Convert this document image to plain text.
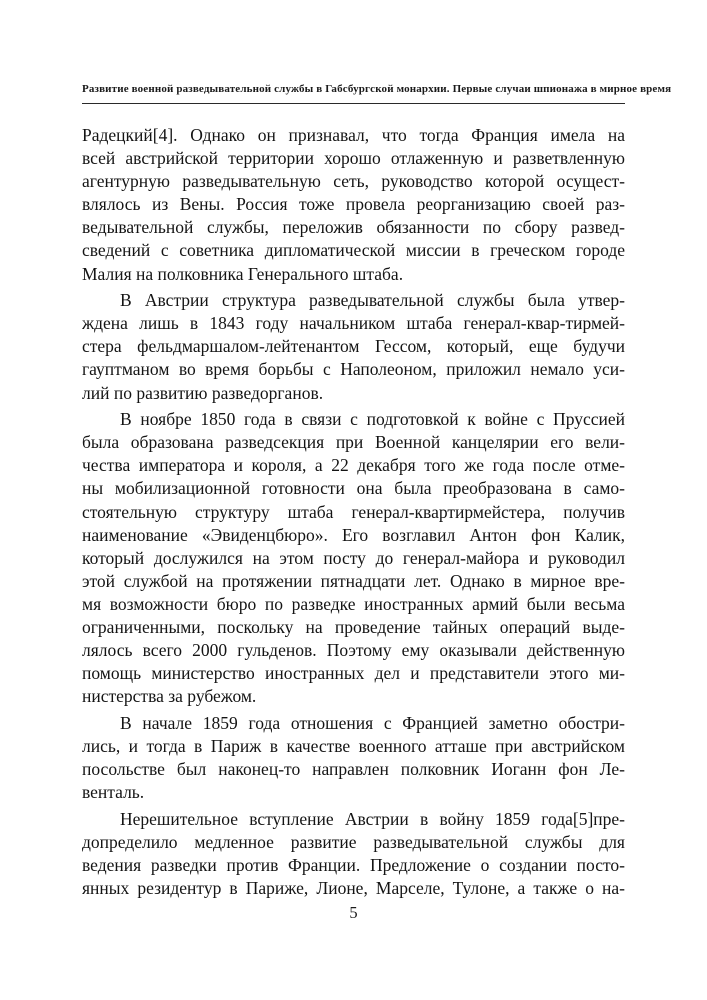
Развитие военной разведывательной службы в Габсбургской монархии. Первые случаи шпионажа в мирное время
Радецкий[4]. Однако он признавал, что тогда Франция имела на
всей австрийской территории хорошо отлаженную и разветвленную
агентурную разведывательную сеть, руководство которой осущест-
влялось из Вены. Россия тоже провела реорганизацию своей раз-
ведывательной службы, переложив обязанности по сбору развед-
сведений с советника дипломатической миссии в греческом городе
Малия на полковника Генерального штаба.
В Австрии структура разведывательной службы была утвер-
ждена лишь в 1843 году начальником штаба генерал-квар-тирмей-
стера фельдмаршалом-лейтенантом Гессом, который, еще будучи
гауптманом во время борьбы с Наполеоном, приложил немало уси-
лий по развитию разведорганов.
В ноябре 1850 года в связи с подготовкой к войне с Пруссией
была образована разведсекция при Военной канцелярии его вели-
чества императора и короля, а 22 декабря того же года после отме-
ны мобилизационной готовности она была преобразована в само-
стоятельную структуру штаба генерал-квартирмейстера, получив
наименование «Эвиденцбюро». Его возглавил Антон фон Калик,
который дослужился на этом посту до генерал-майора и руководил
этой службой на протяжении пятнадцати лет. Однако в мирное вре-
мя возможности бюро по разведке иностранных армий были весьма
ограниченными, поскольку на проведение тайных операций выде-
лялось всего 2000 гульденов. Поэтому ему оказывали действенную
помощь министерство иностранных дел и представители этого ми-
нистерства за рубежом.
В начале 1859 года отношения с Францией заметно обостри-
лись, и тогда в Париж в качестве военного атташе при австрийском
посольстве был наконец-то направлен полковник Иоганн фон Ле-
венталь.
Нерешительное вступление Австрии в войну 1859 года[5]пре-
допределило медленное развитие разведывательной службы для
ведения разведки против Франции. Предложение о создании посто-
янных резидентур в Париже, Лионе, Марселе, Тулоне, а также о на-
5
